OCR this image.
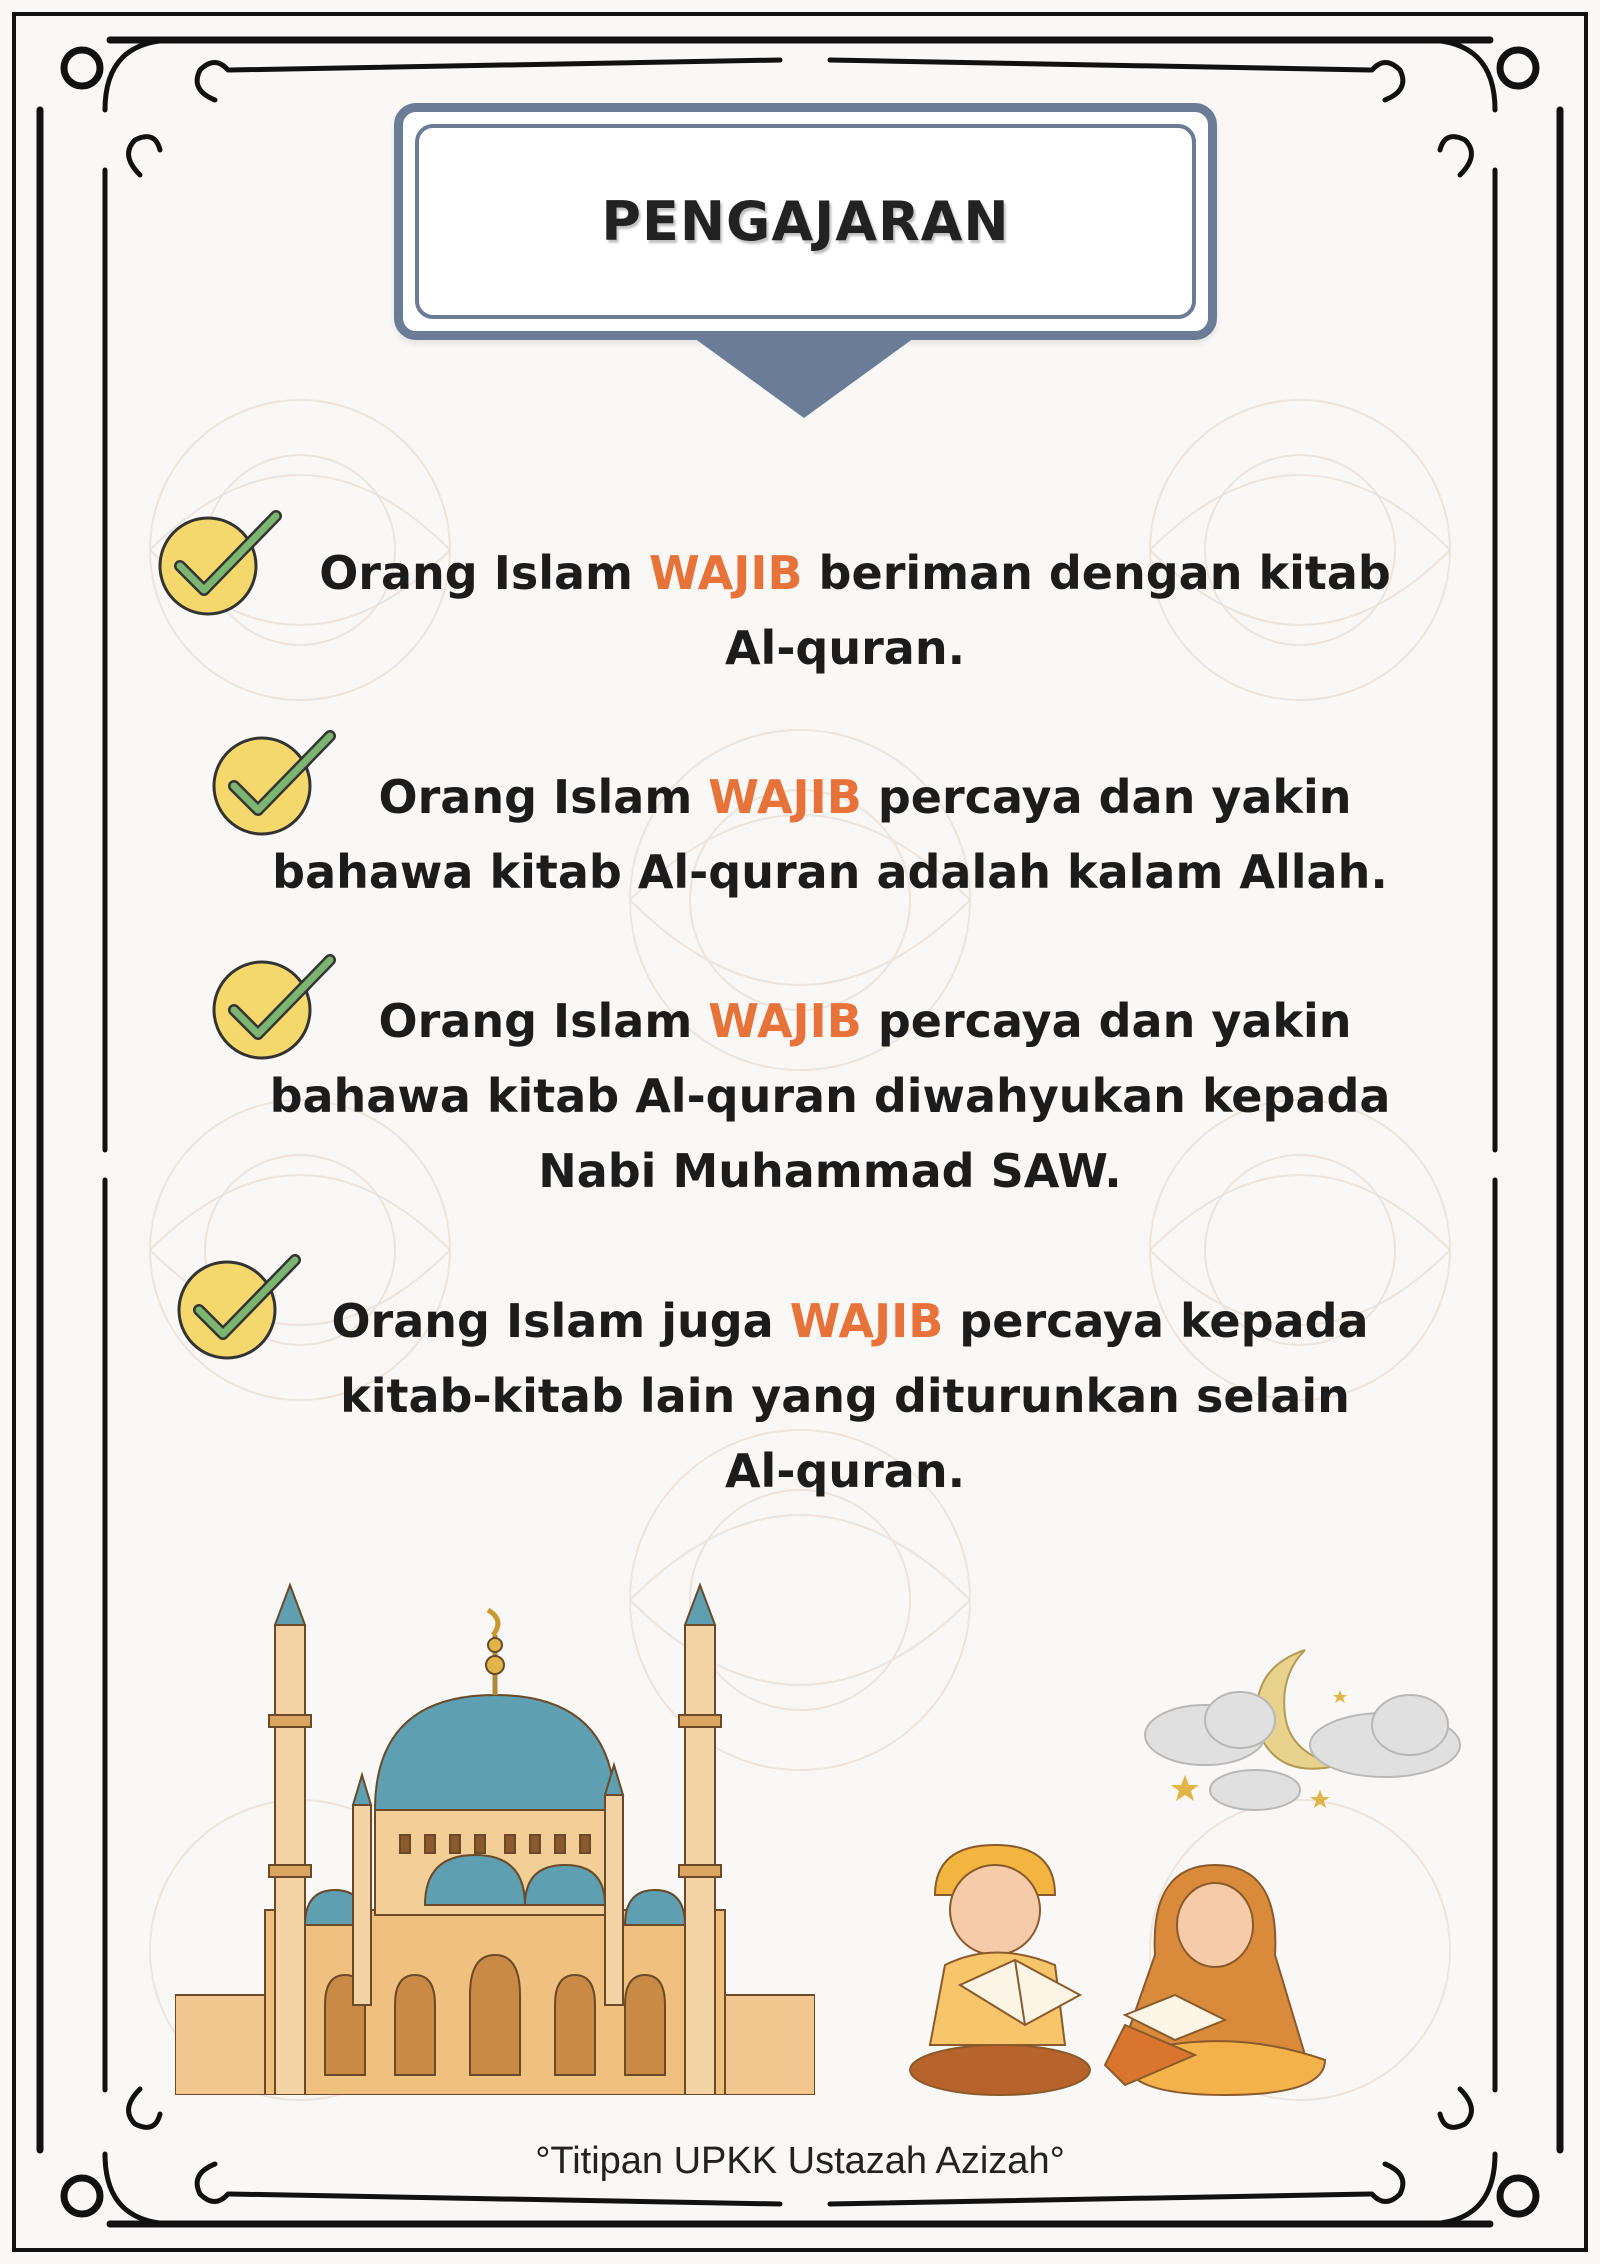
PENGAJARAN
Orang Islam WAJIB beriman dengan kitab
Al-quran.
Orang Islam WAJIB percaya dan yakin
bahawa kitab Al-quran adalah kalam Allah.
Orang Islam WAJIB percaya dan yakin
bahawa kitab Al-quran diwahyukan kepada
Nabi Muhammad SAW.
Orang Islam juga WAJIB percaya kepada
kitab-kitab lain yang diturunkan selain
Al-quran.
°Titipan UPKK Ustazah Azizah°
